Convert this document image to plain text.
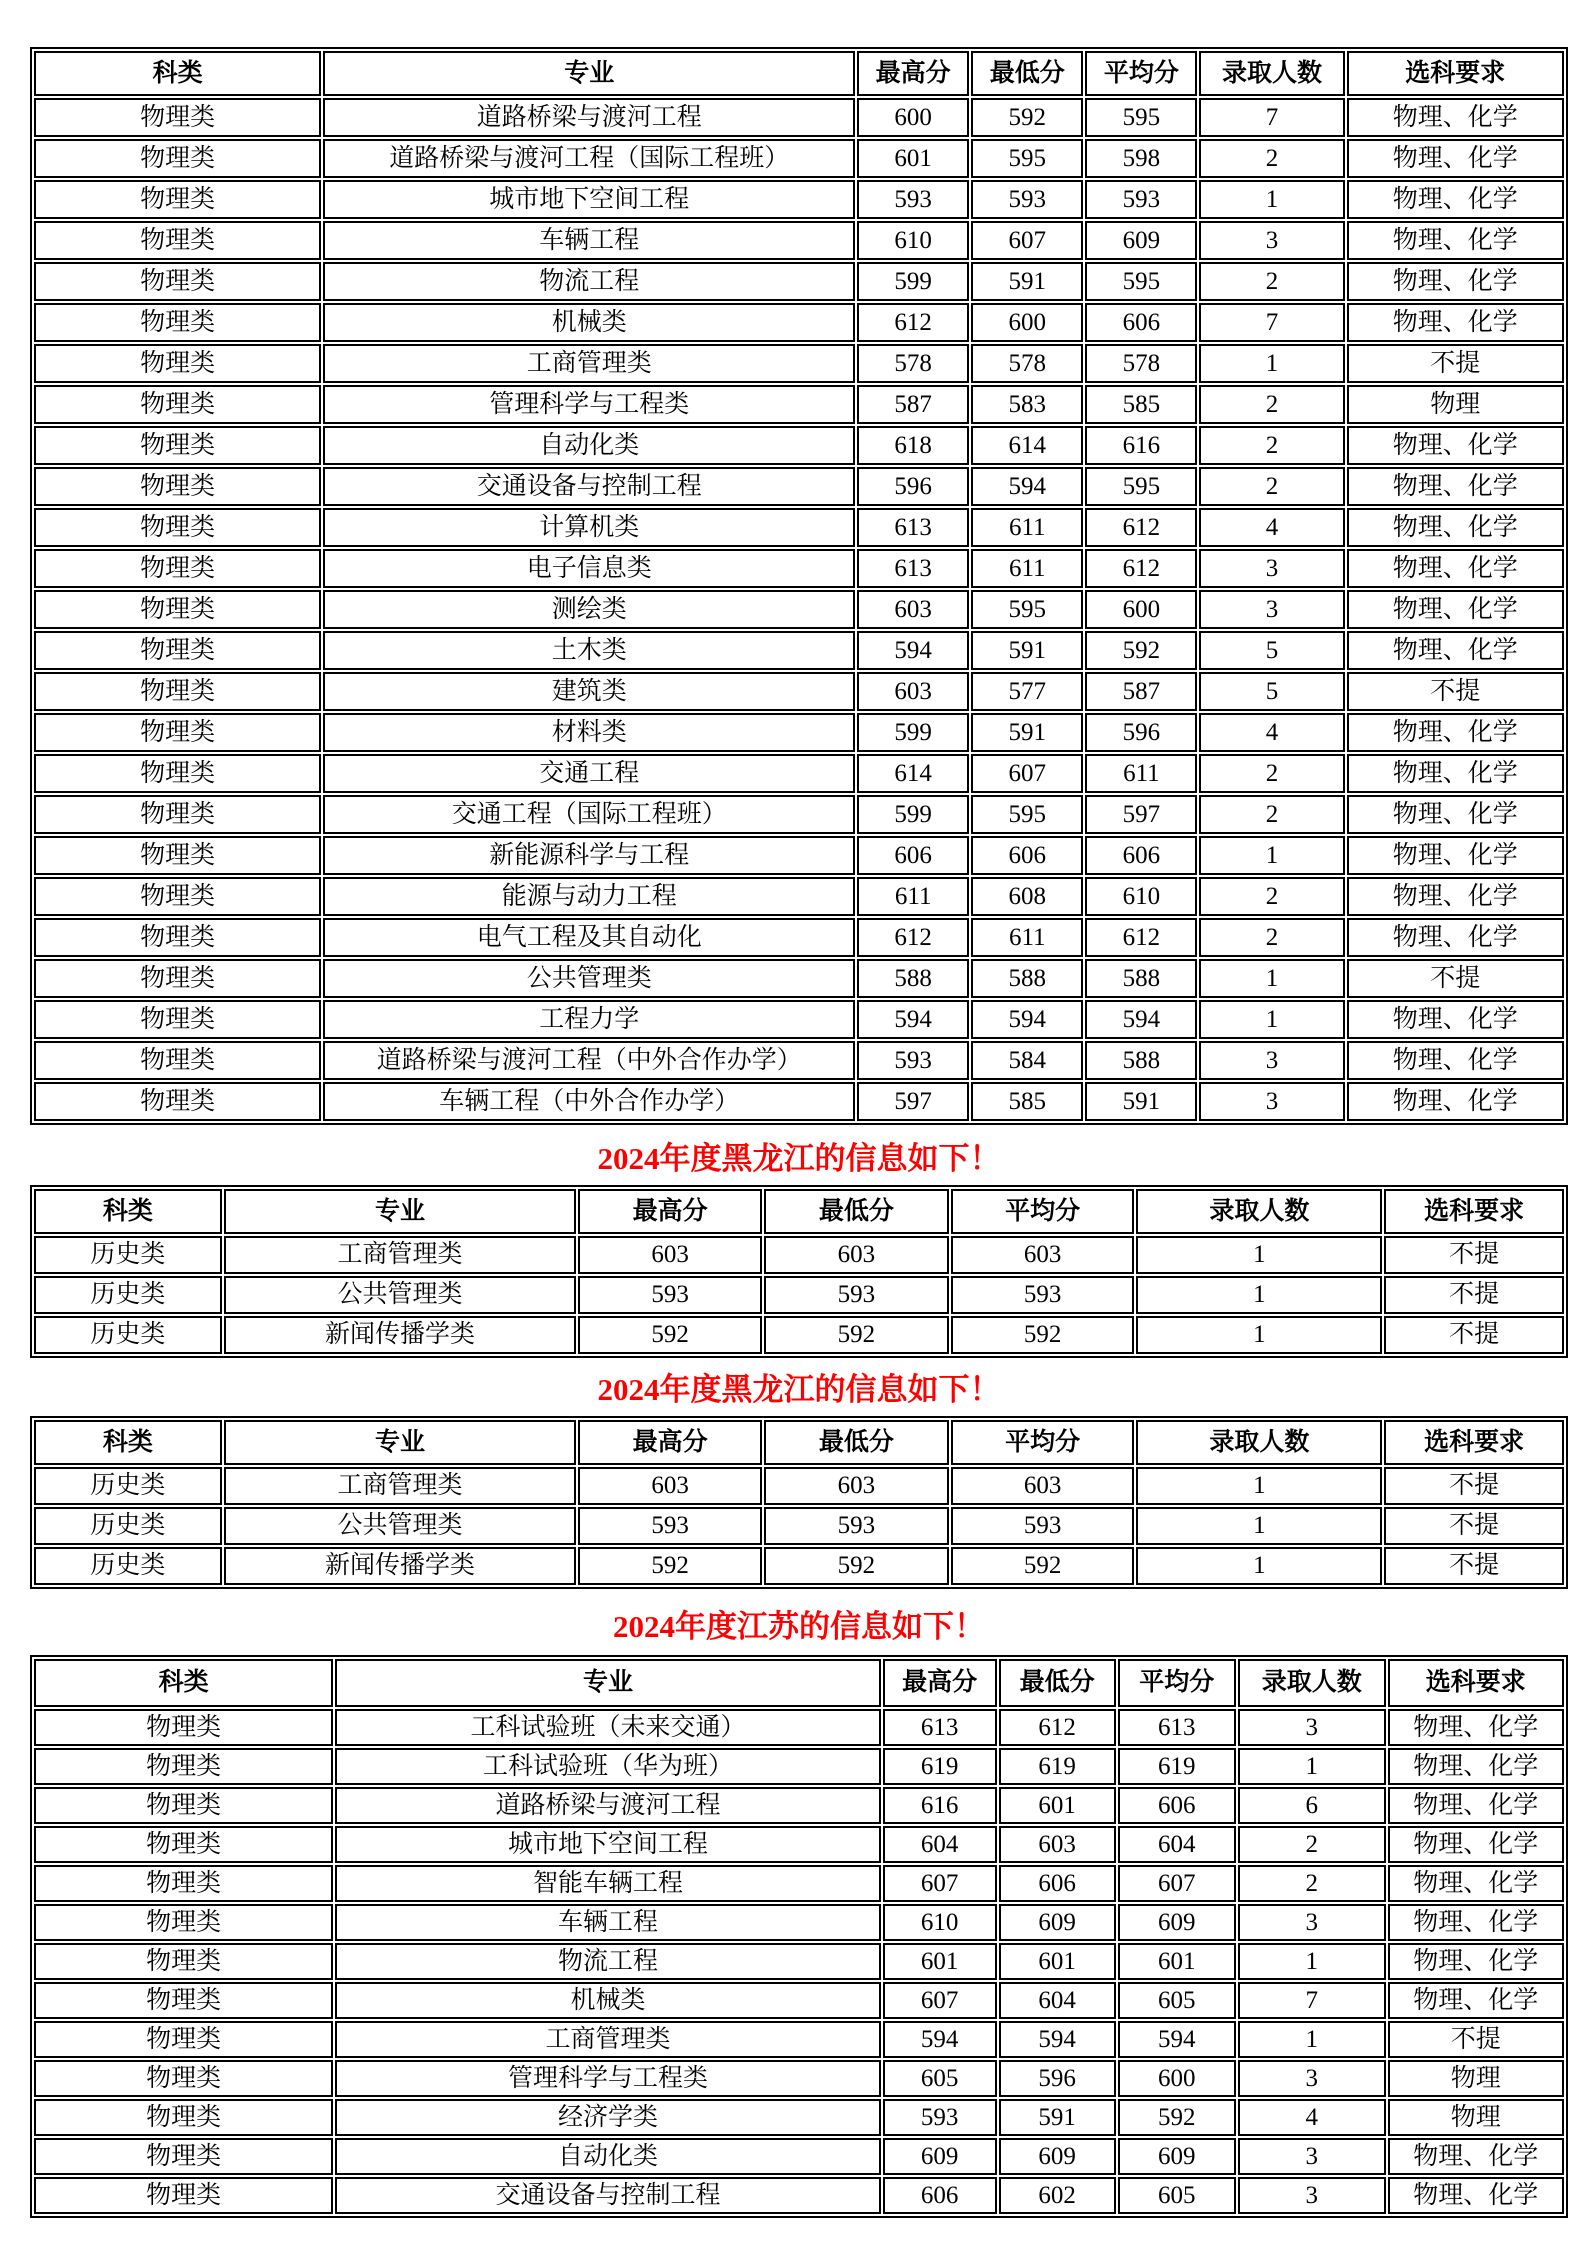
科类	专业	最高分	最低分	平均分	录取人数	选科要求
物理类	道路桥梁与渡河工程	600	592	595	7	物理、化学
物理类	道路桥梁与渡河工程（国际工程班）	601	595	598	2	物理、化学
物理类	城市地下空间工程	593	593	593	1	物理、化学
物理类	车辆工程	610	607	609	3	物理、化学
物理类	物流工程	599	591	595	2	物理、化学
物理类	机械类	612	600	606	7	物理、化学
物理类	工商管理类	578	578	578	1	不提
物理类	管理科学与工程类	587	583	585	2	物理
物理类	自动化类	618	614	616	2	物理、化学
物理类	交通设备与控制工程	596	594	595	2	物理、化学
物理类	计算机类	613	611	612	4	物理、化学
物理类	电子信息类	613	611	612	3	物理、化学
物理类	测绘类	603	595	600	3	物理、化学
物理类	土木类	594	591	592	5	物理、化学
物理类	建筑类	603	577	587	5	不提
物理类	材料类	599	591	596	4	物理、化学
物理类	交通工程	614	607	611	2	物理、化学
物理类	交通工程（国际工程班）	599	595	597	2	物理、化学
物理类	新能源科学与工程	606	606	606	1	物理、化学
物理类	能源与动力工程	611	608	610	2	物理、化学
物理类	电气工程及其自动化	612	611	612	2	物理、化学
物理类	公共管理类	588	588	588	1	不提
物理类	工程力学	594	594	594	1	物理、化学
物理类	道路桥梁与渡河工程（中外合作办学）	593	584	588	3	物理、化学
物理类	车辆工程（中外合作办学）	597	585	591	3	物理、化学
2024年度黑龙江的信息如下！
科类	专业	最高分	最低分	平均分	录取人数	选科要求
历史类	工商管理类	603	603	603	1	不提
历史类	公共管理类	593	593	593	1	不提
历史类	新闻传播学类	592	592	592	1	不提
2024年度黑龙江的信息如下！
科类	专业	最高分	最低分	平均分	录取人数	选科要求
历史类	工商管理类	603	603	603	1	不提
历史类	公共管理类	593	593	593	1	不提
历史类	新闻传播学类	592	592	592	1	不提
2024年度江苏的信息如下！
科类	专业	最高分	最低分	平均分	录取人数	选科要求
物理类	工科试验班（未来交通）	613	612	613	3	物理、化学
物理类	工科试验班（华为班）	619	619	619	1	物理、化学
物理类	道路桥梁与渡河工程	616	601	606	6	物理、化学
物理类	城市地下空间工程	604	603	604	2	物理、化学
物理类	智能车辆工程	607	606	607	2	物理、化学
物理类	车辆工程	610	609	609	3	物理、化学
物理类	物流工程	601	601	601	1	物理、化学
物理类	机械类	607	604	605	7	物理、化学
物理类	工商管理类	594	594	594	1	不提
物理类	管理科学与工程类	605	596	600	3	物理
物理类	经济学类	593	591	592	4	物理
物理类	自动化类	609	609	609	3	物理、化学
物理类	交通设备与控制工程	606	602	605	3	物理、化学
